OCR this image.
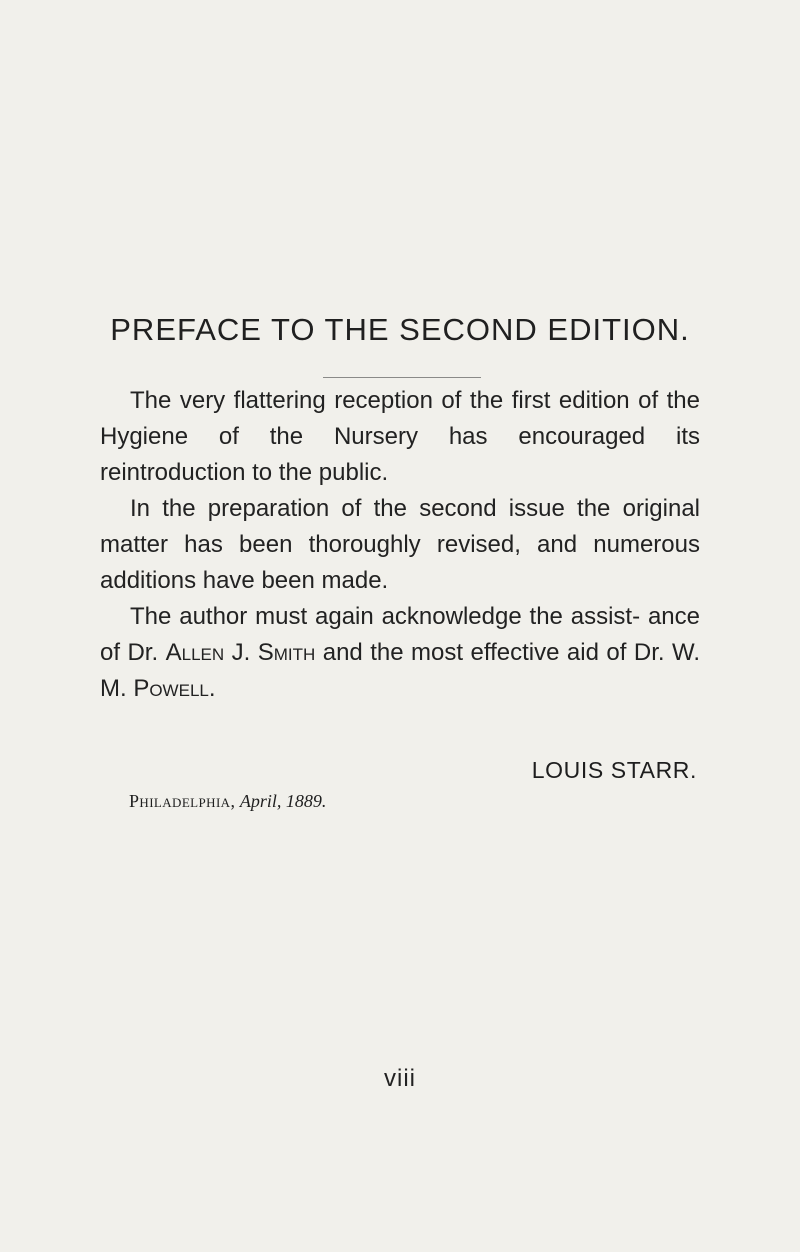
PREFACE TO THE SECOND EDITION.

The very flattering reception of the first edition of the Hygiene of the Nursery has encouraged its reintroduction to the public.

In the preparation of the second issue the original matter has been thoroughly revised, and numerous additions have been made.

The author must again acknowledge the assist- ance of Dr. Allen J. Smith and the most effective aid of Dr. W. M. Powell.

LOUIS STARR.
Philadelphia, April, 1889.
viii
